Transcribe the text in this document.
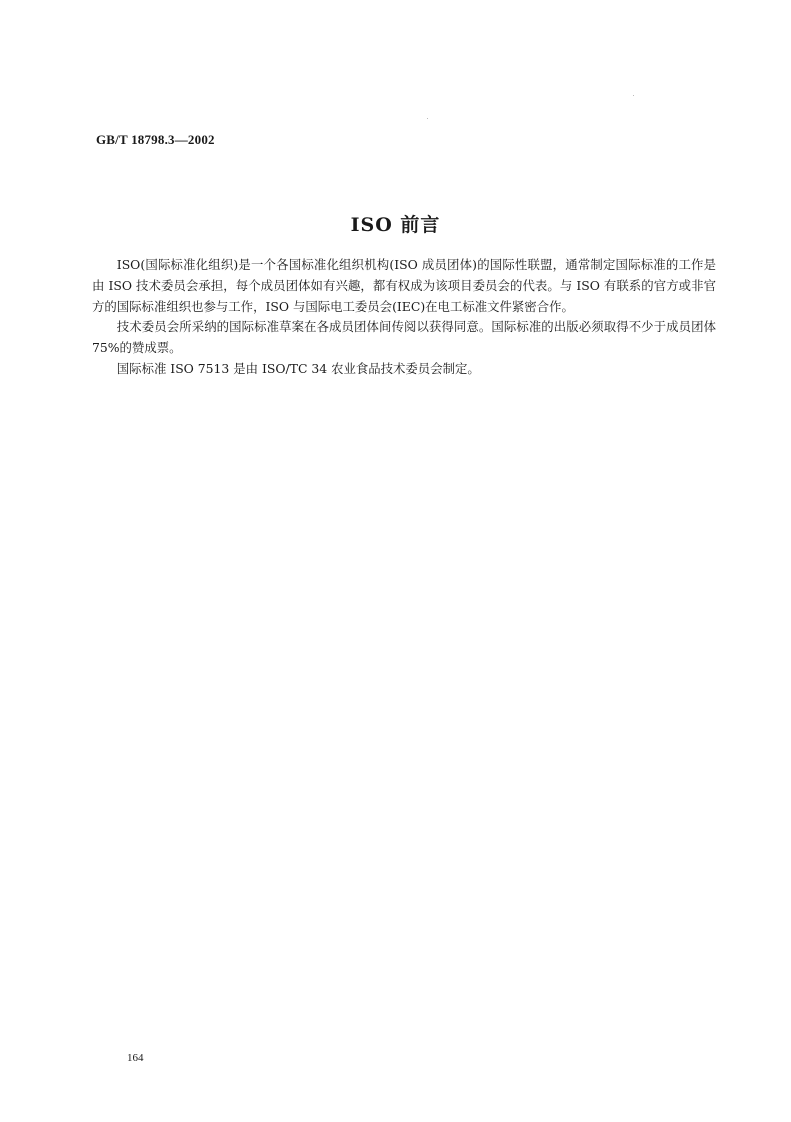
GB/T 18798.3—2002
ISO 前言

ISO(国际标准化组织)是一个各国标准化组织机构(ISO 成员团体)的国际性联盟，通常制定国际标准的工作是由 ISO 技术委员会承担，每个成员团体如有兴趣，都有权成为该项目委员会的代表。与 ISO 有联系的官方或非官方的国际标准组织也参与工作，ISO 与国际电工委员会(IEC)在电工标准文件紧密合作。

技术委员会所采纳的国际标准草案在各成员团体间传阅以获得同意。国际标准的出版必须取得不少于成员团体 75%的赞成票。

国际标准 ISO 7513 是由 ISO/TC 34 农业食品技术委员会制定。

164
